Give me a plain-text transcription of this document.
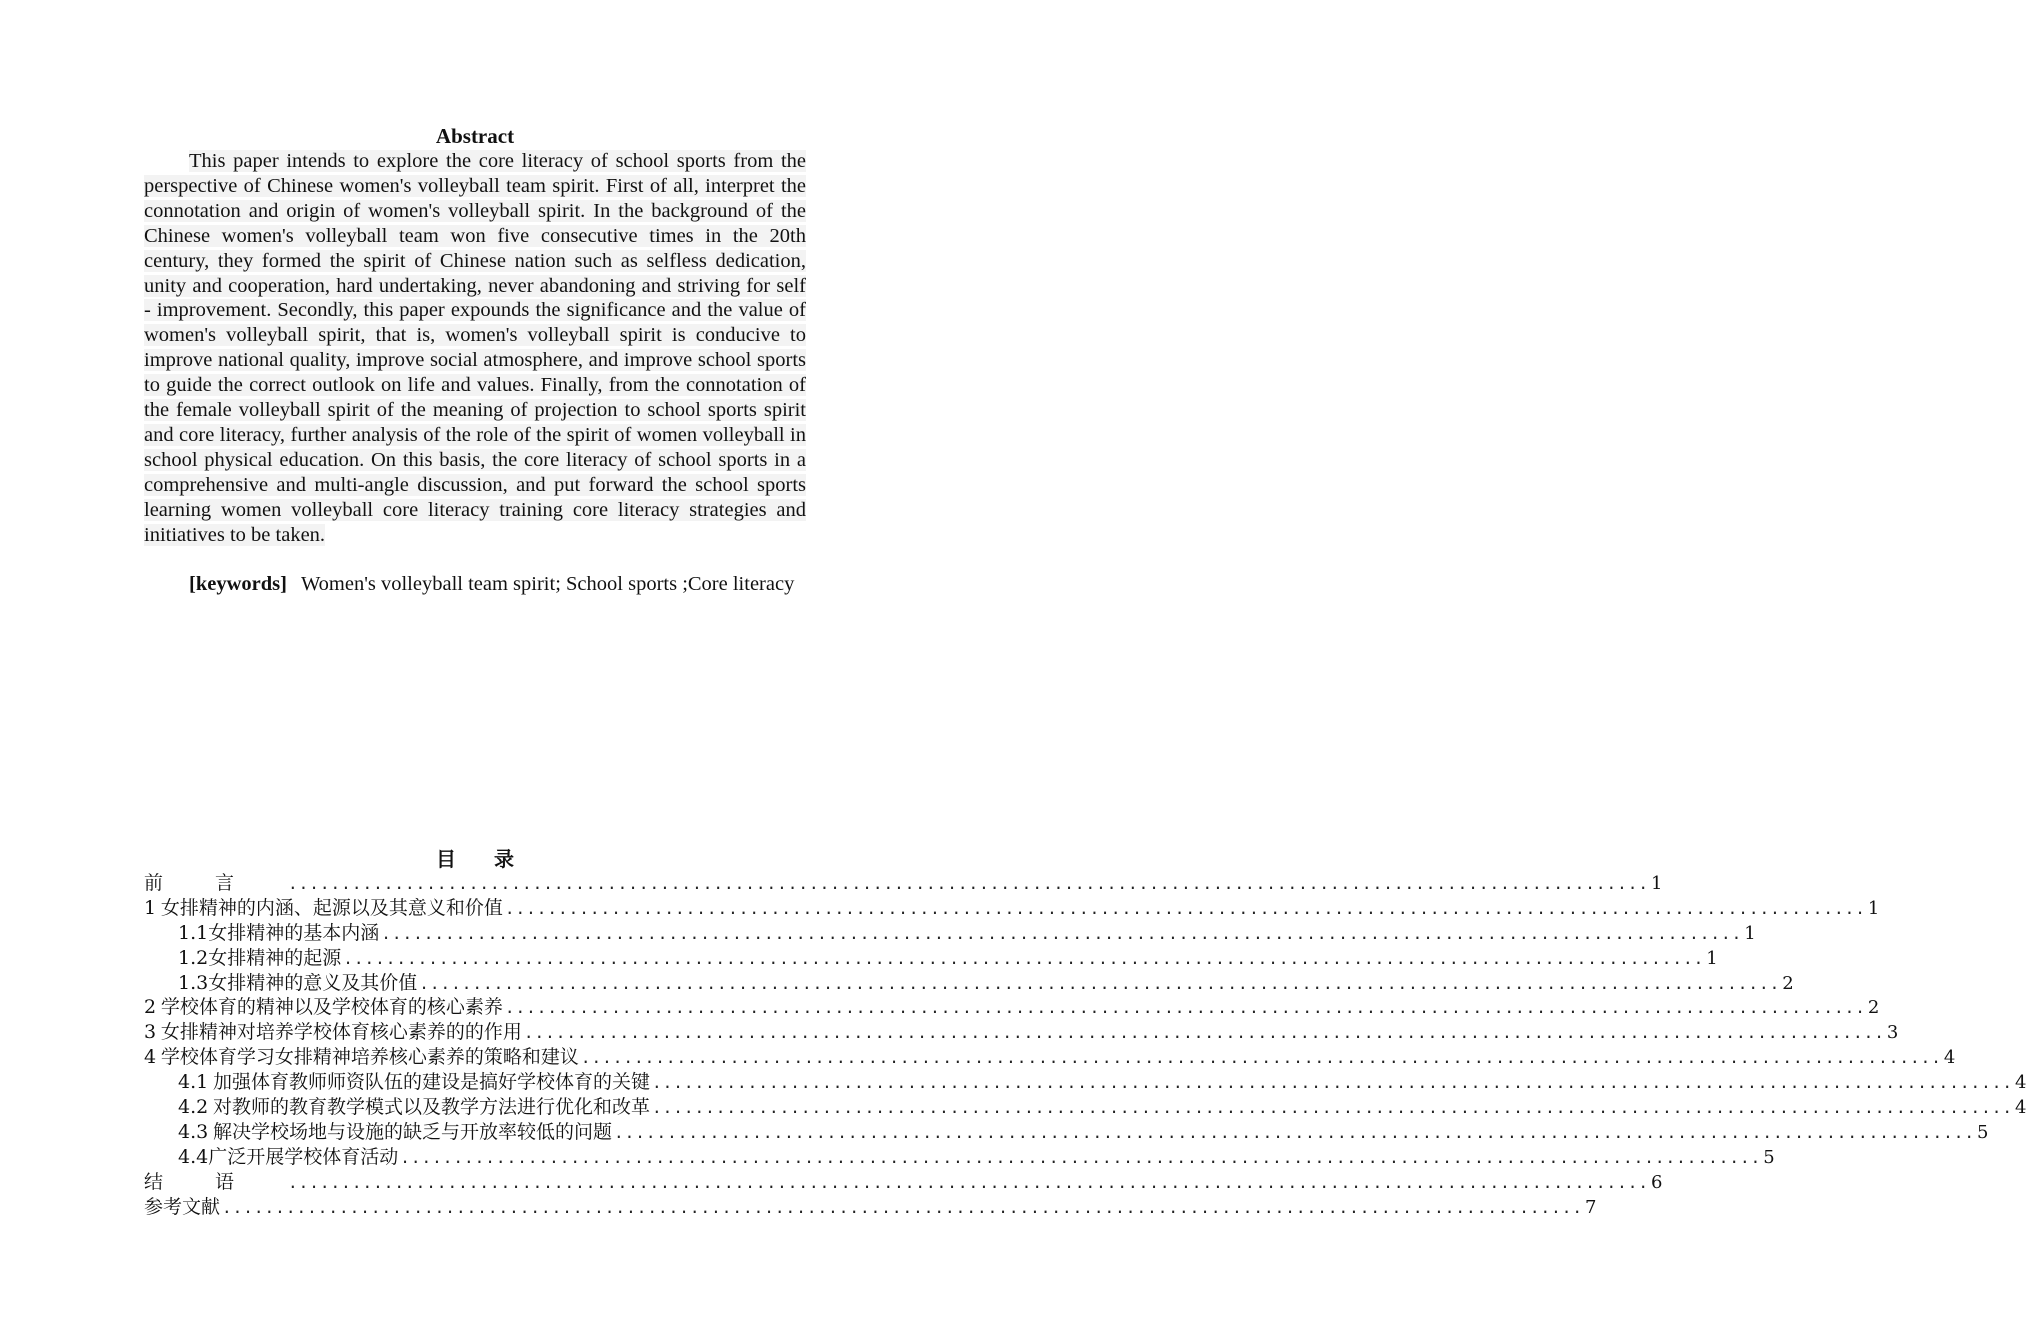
Abstract
This paper intends to explore the core literacy of school sports from the perspective of Chinese women's volleyball team spirit. First of all, interpret the connotation and origin of women's volleyball spirit. In the background of the Chinese women's volleyball team won five consecutive times in the 20th century, they formed the spirit of Chinese nation such as selfless dedication, unity and cooperation, hard undertaking, never abandoning and striving for self - improvement. Secondly, this paper expounds the significance and the value of women's volleyball spirit, that is, women's volleyball spirit is conducive to improve national quality, improve social atmosphere, and improve school sports to guide the correct outlook on life and values. Finally, from the connotation of the female volleyball spirit of the meaning of projection to school sports spirit and core literacy, further analysis of the role of the spirit of women volleyball in school physical education. On this basis, the core literacy of school sports in a comprehensive and multi-angle discussion, and put forward the school sports learning women volleyball core literacy training core literacy strategies and initiatives to be taken.
[keywords] Women's volleyball team spirit; School sports ;Core literacy
目录
前言 ................................................................................................................................ 1
1
女排精神的内涵、起源以及其意义和价值 ................................................................................................................................ 1
1.1 女排精神的基本内涵 ................................................................................................................................ 1
1.2 女排精神的起源 ................................................................................................................................ 1
1.3 女排精神的意义及其价值 ................................................................................................................................ 2
2
学校体育的精神以及学校体育的核心素养 ................................................................................................................................ 2
3
女排精神对培养学校体育核心素养的的作用 ................................................................................................................................ 3
4
学校体育学习女排精神培养核心素养的策略和建议 ................................................................................................................................ 4
4.1
加强体育教师师资队伍的建设是搞好学校体育的关键 ................................................................................................................................ 4
4.2
对教师的教育教学模式以及教学方法进行优化和改革 ................................................................................................................................ 4
4.3
解决学校场地与设施的缺乏与开放率较低的问题 ................................................................................................................................ 5
4.4 广泛开展学校体育活动 ................................................................................................................................ 5
结语 ................................................................................................................................ 6
参考文献 ................................................................................................................................ 7
